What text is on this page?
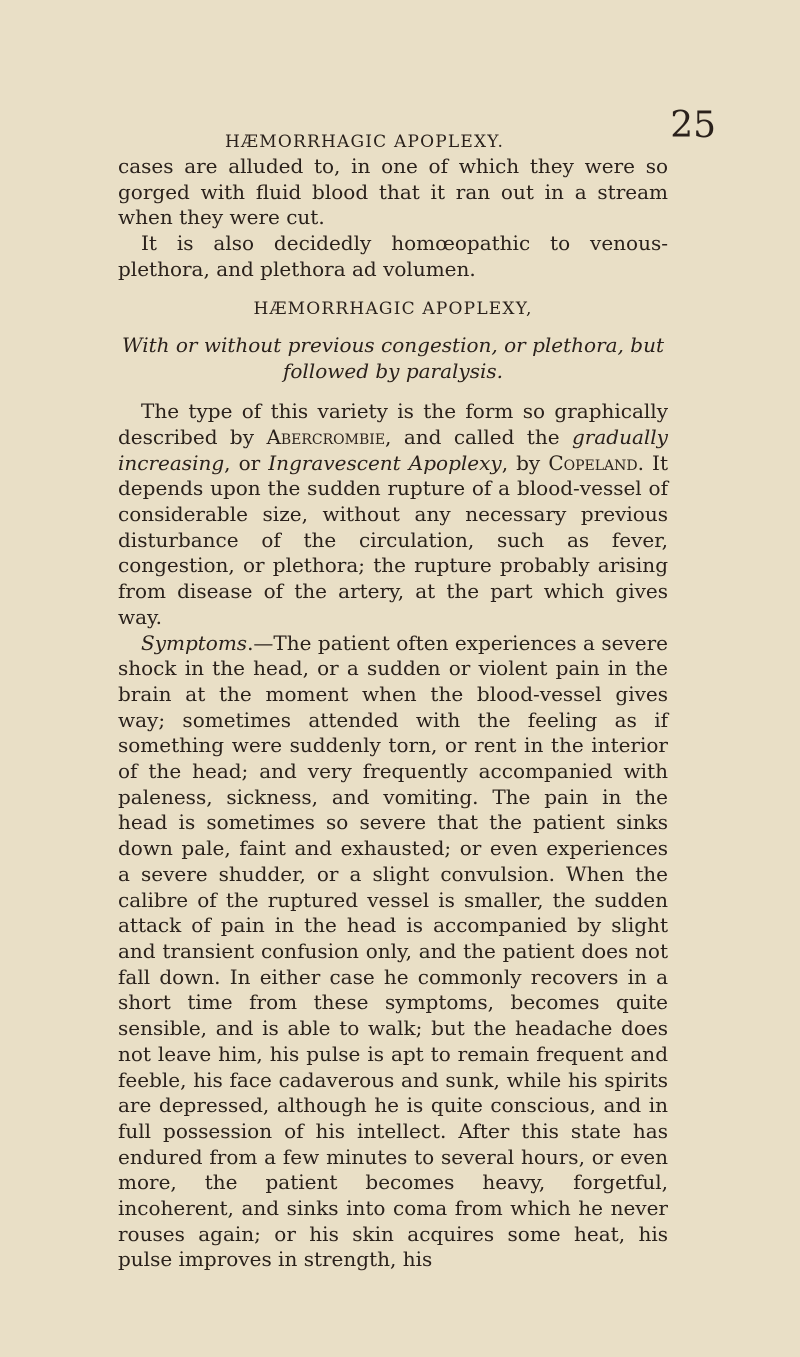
HÆMORRHAGIC APOPLEXY.	25

cases are alluded to, in one of which they were so gorged with fluid blood that it ran out in a stream when they were cut.

It is also decidedly homœopathic to venous-plethora, and plethora ad volumen.

HÆMORRHAGIC APOPLEXY,

With or without previous congestion, or plethora, but followed by paralysis.

The type of this variety is the form so graphically described by Abercrombie, and called the gradually increasing, or Ingravescent Apoplexy, by Copeland. It depends upon the sudden rupture of a blood-vessel of considerable size, without any necessary previous disturbance of the circulation, such as fever, congestion, or plethora; the rupture probably arising from disease of the artery, at the part which gives way.

Symptoms.—The patient often experiences a severe shock in the head, or a sudden or violent pain in the brain at the moment when the blood-vessel gives way; sometimes attended with the feeling as if something were suddenly torn, or rent in the interior of the head; and very frequently accompanied with paleness, sickness, and vomiting. The pain in the head is sometimes so severe that the patient sinks down pale, faint and exhausted; or even experiences a severe shudder, or a slight convulsion. When the calibre of the ruptured vessel is smaller, the sudden attack of pain in the head is accompanied by slight and transient confusion only, and the patient does not fall down. In either case he commonly recovers in a short time from these symptoms, becomes quite sensible, and is able to walk; but the headache does not leave him, his pulse is apt to remain frequent and feeble, his face cadaverous and sunk, while his spirits are depressed, although he is quite conscious, and in full possession of his intellect. After this state has endured from a few minutes to several hours, or even more, the patient becomes heavy, forgetful, incoherent, and sinks into coma from which he never rouses again; or his skin acquires some heat, his pulse improves in strength, his
